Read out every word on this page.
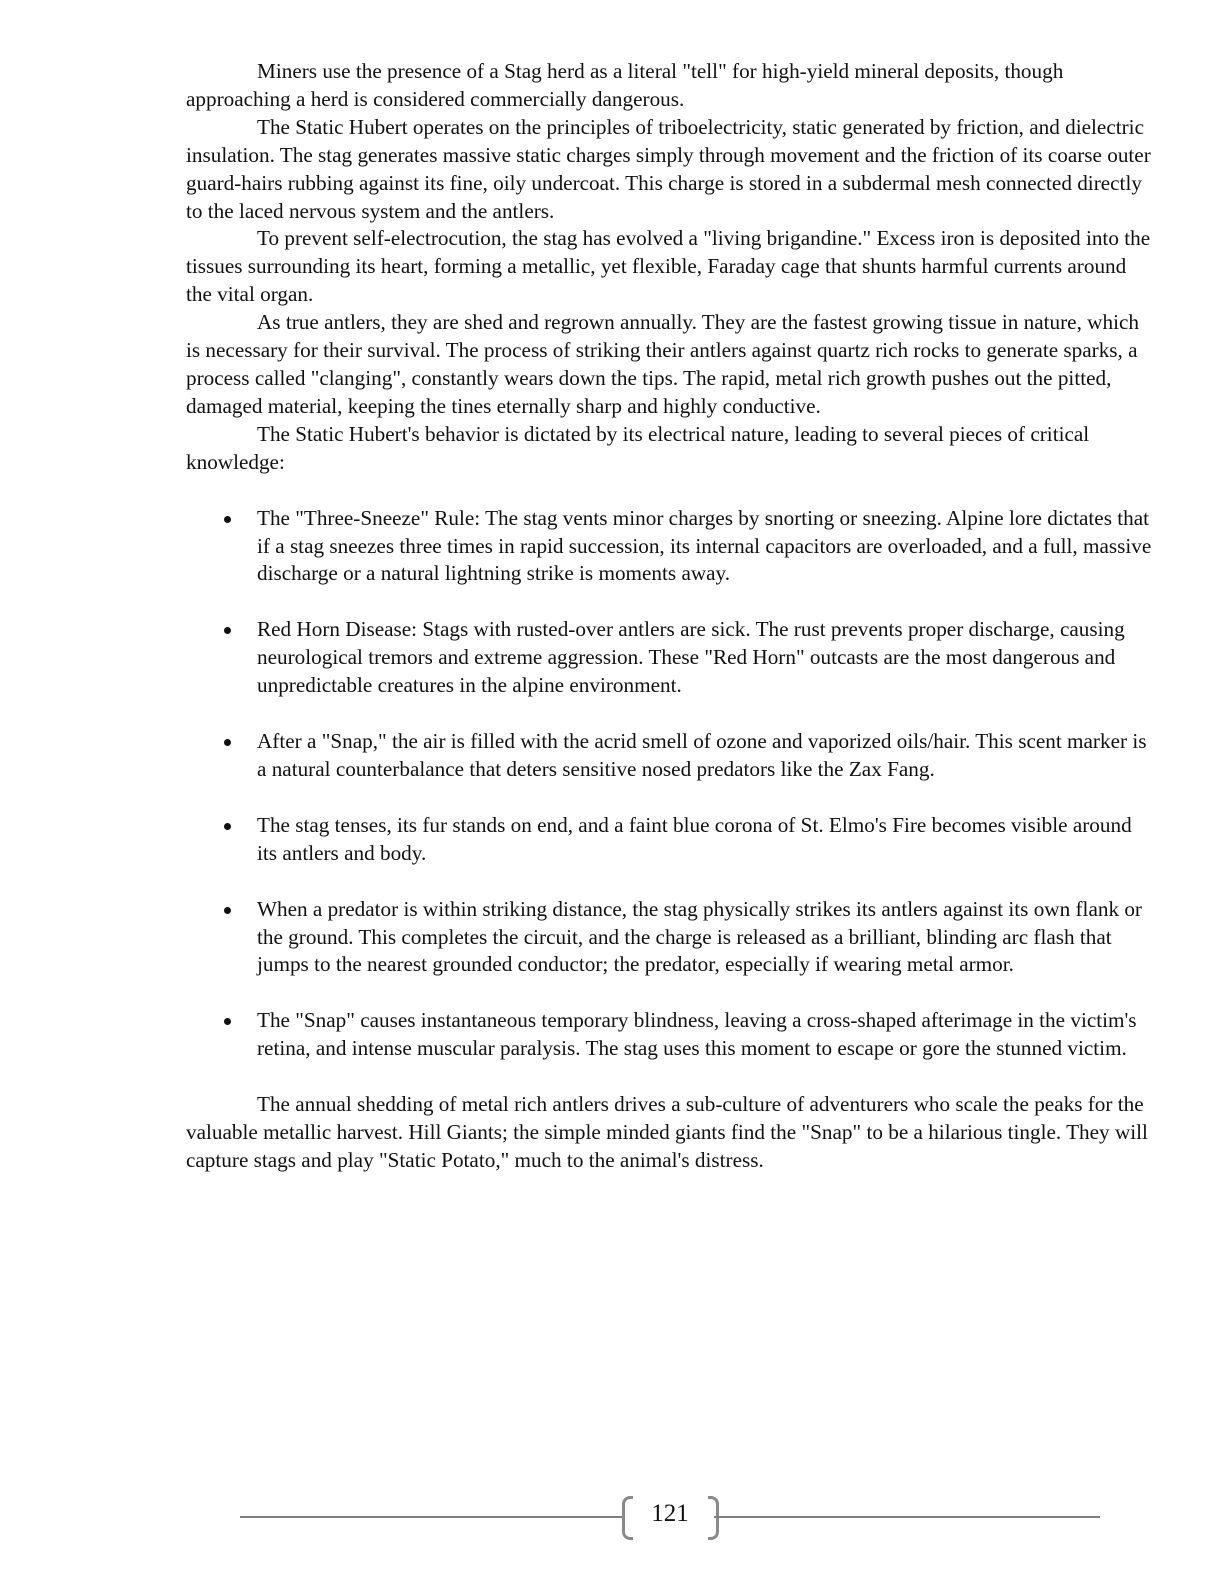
Miners use the presence of a Stag herd as a literal "tell" for high-yield mineral deposits, though approaching a herd is considered commercially dangerous.

The Static Hubert operates on the principles of triboelectricity, static generated by friction, and dielectric insulation. The stag generates massive static charges simply through movement and the friction of its coarse outer guard-hairs rubbing against its fine, oily undercoat. This charge is stored in a subdermal mesh connected directly to the laced nervous system and the antlers.

To prevent self-electrocution, the stag has evolved a "living brigandine." Excess iron is deposited into the tissues surrounding its heart, forming a metallic, yet flexible, Faraday cage that shunts harmful currents around the vital organ.

As true antlers, they are shed and regrown annually. They are the fastest growing tissue in nature, which is necessary for their survival. The process of striking their antlers against quartz rich rocks to generate sparks, a process called "clanging", constantly wears down the tips. The rapid, metal rich growth pushes out the pitted, damaged material, keeping the tines eternally sharp and highly conductive.

The Static Hubert's behavior is dictated by its electrical nature, leading to several pieces of critical knowledge:

The "Three-Sneeze" Rule: The stag vents minor charges by snorting or sneezing. Alpine lore dictates that if a stag sneezes three times in rapid succession, its internal capacitors are overloaded, and a full, massive discharge or a natural lightning strike is moments away.
Red Horn Disease: Stags with rusted-over antlers are sick. The rust prevents proper discharge, causing neurological tremors and extreme aggression. These "Red Horn" outcasts are the most dangerous and unpredictable creatures in the alpine environment.
After a "Snap," the air is filled with the acrid smell of ozone and vaporized oils/hair. This scent marker is a natural counterbalance that deters sensitive nosed predators like the Zax Fang.
The stag tenses, its fur stands on end, and a faint blue corona of St. Elmo's Fire becomes visible around its antlers and body.
When a predator is within striking distance, the stag physically strikes its antlers against its own flank or the ground. This completes the circuit, and the charge is released as a brilliant, blinding arc flash that jumps to the nearest grounded conductor; the predator, especially if wearing metal armor.
The "Snap" causes instantaneous temporary blindness, leaving a cross-shaped afterimage in the victim's retina, and intense muscular paralysis. The stag uses this moment to escape or gore the stunned victim.

The annual shedding of metal rich antlers drives a sub-culture of adventurers who scale the peaks for the valuable metallic harvest. Hill Giants; the simple minded giants find the "Snap" to be a hilarious tingle. They will capture stags and play "Static Potato," much to the animal's distress.

121
